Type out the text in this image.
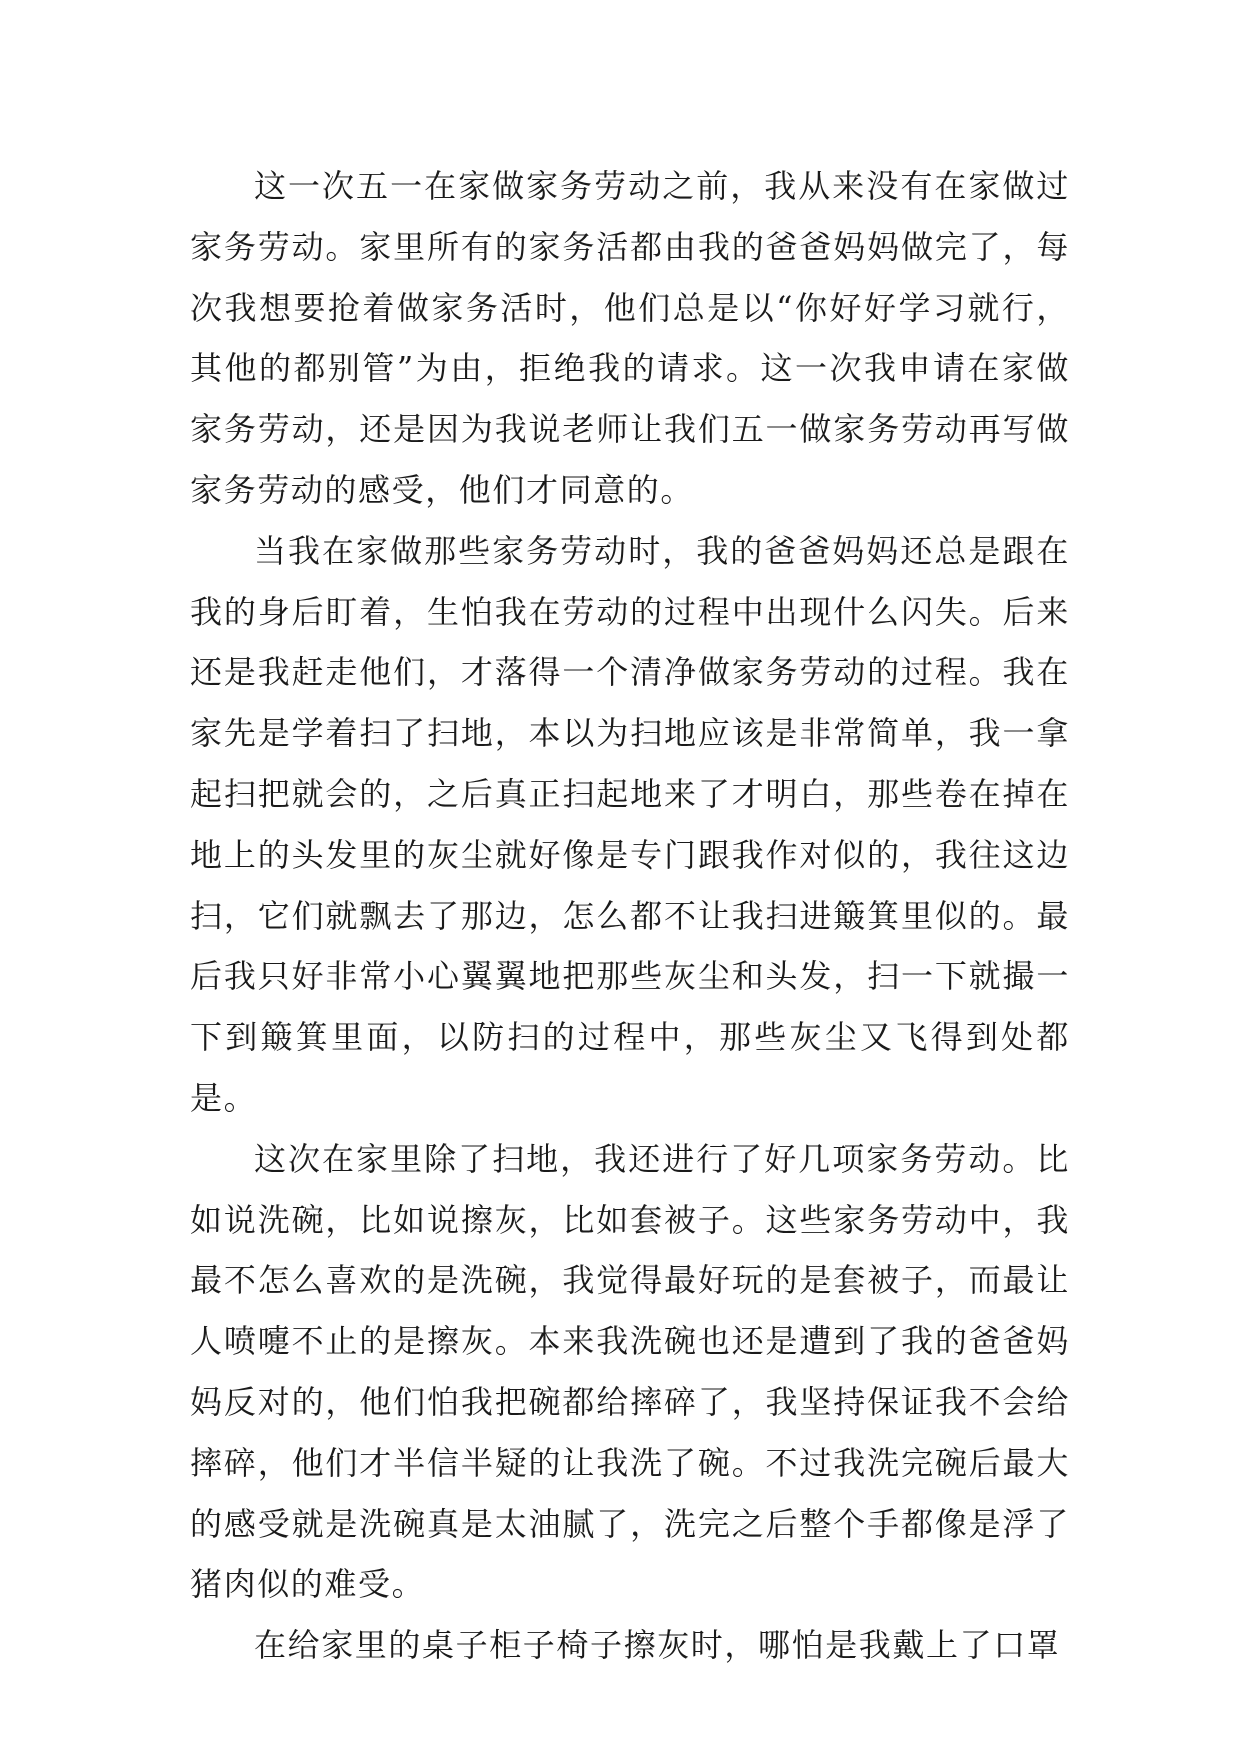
这一次五一在家做家务劳动之前，我从来没有在家做过家务劳动。家里所有的家务活都由我的爸爸妈妈做完了，每次我想要抢着做家务活时，他们总是以“你好好学习就行，其他的都别管”为由，拒绝我的请求。这一次我申请在家做家务劳动，还是因为我说老师让我们五一做家务劳动再写做家务劳动的感受，他们才同意的。

当我在家做那些家务劳动时，我的爸爸妈妈还总是跟在我的身后盯着，生怕我在劳动的过程中出现什么闪失。后来还是我赶走他们，才落得一个清净做家务劳动的过程。我在家先是学着扫了扫地，本以为扫地应该是非常简单，我一拿起扫把就会的，之后真正扫起地来了才明白，那些卷在掉在地上的头发里的灰尘就好像是专门跟我作对似的，我往这边扫，它们就飘去了那边，怎么都不让我扫进簸箕里似的。最后我只好非常小心翼翼地把那些灰尘和头发，扫一下就撮一下到簸箕里面，以防扫的过程中，那些灰尘又飞得到处都是。

这次在家里除了扫地，我还进行了好几项家务劳动。比如说洗碗，比如说擦灰，比如套被子。这些家务劳动中，我最不怎么喜欢的是洗碗，我觉得最好玩的是套被子，而最让人喷嚏不止的是擦灰。本来我洗碗也还是遭到了我的爸爸妈妈反对的，他们怕我把碗都给摔碎了，我坚持保证我不会给摔碎，他们才半信半疑的让我洗了碗。不过我洗完碗后最大的感受就是洗碗真是太油腻了，洗完之后整个手都像是浮了猪肉似的难受。

在给家里的桌子柜子椅子擦灰时，哪怕是我戴上了口罩
